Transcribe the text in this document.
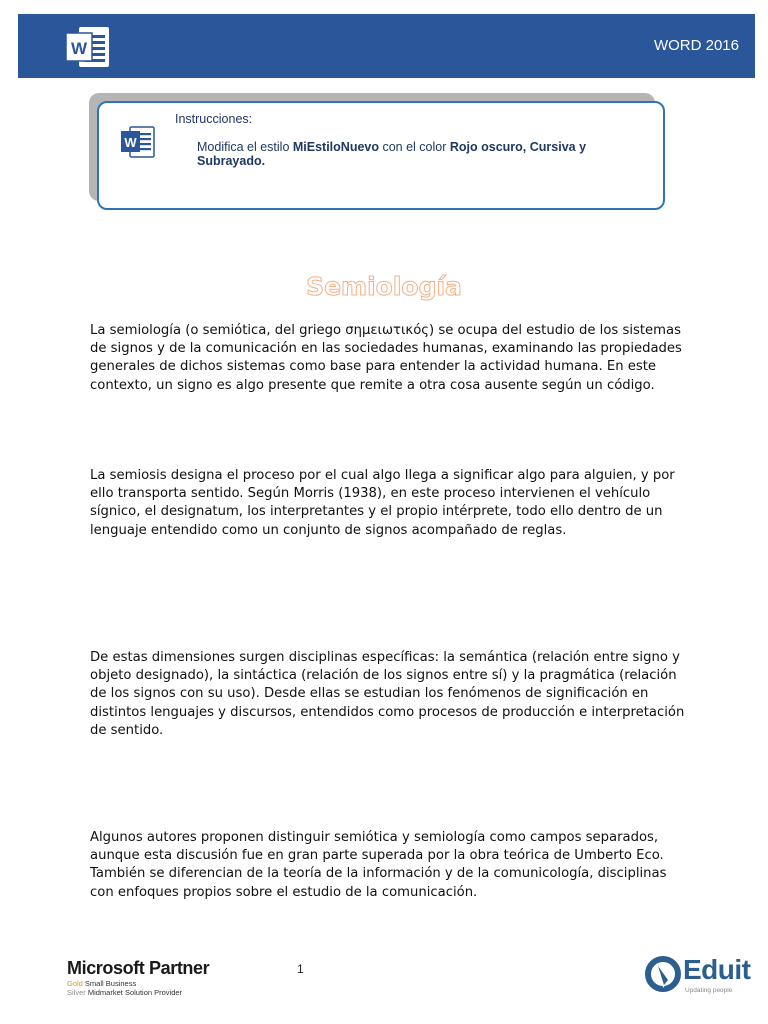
W	WORD 2016
W
Instrucciones:
Modifica el estilo MiEstiloNuevo con el color Rojo oscuro, Cursiva y Subrayado.
Semiología

La semiología (o semiótica, del griego σημειωτικός) se ocupa del estudio de los sistemas de signos y de la comunicación en las sociedades humanas, examinando las propiedades generales de dichos sistemas como base para entender la actividad humana. En este contexto, un signo es algo presente que remite a otra cosa ausente según un código.

La semiosis designa el proceso por el cual algo llega a significar algo para alguien, y por ello transporta sentido. Según Morris (1938), en este proceso intervienen el vehículo sígnico, el designatum, los interpretantes y el propio intérprete, todo ello dentro de un lenguaje entendido como un conjunto de signos acompañado de reglas.

De estas dimensiones surgen disciplinas específicas: la semántica (relación entre signo y objeto designado), la sintáctica (relación de los signos entre sí) y la pragmática (relación de los signos con su uso). Desde ellas se estudian los fenómenos de significación en distintos lenguajes y discursos, entendidos como procesos de producción e interpretación de sentido.

Algunos autores proponen distinguir semiótica y semiología como campos separados, aunque esta discusión fue en gran parte superada por la obra teórica de Umberto Eco. También se diferencian de la teoría de la información y de la comunicología, disciplinas con enfoques propios sobre el estudio de la comunicación.

Microsoft Partner
Gold Small Business
Silver Midmarket Solution Provider
1	Eduit
Updating people
